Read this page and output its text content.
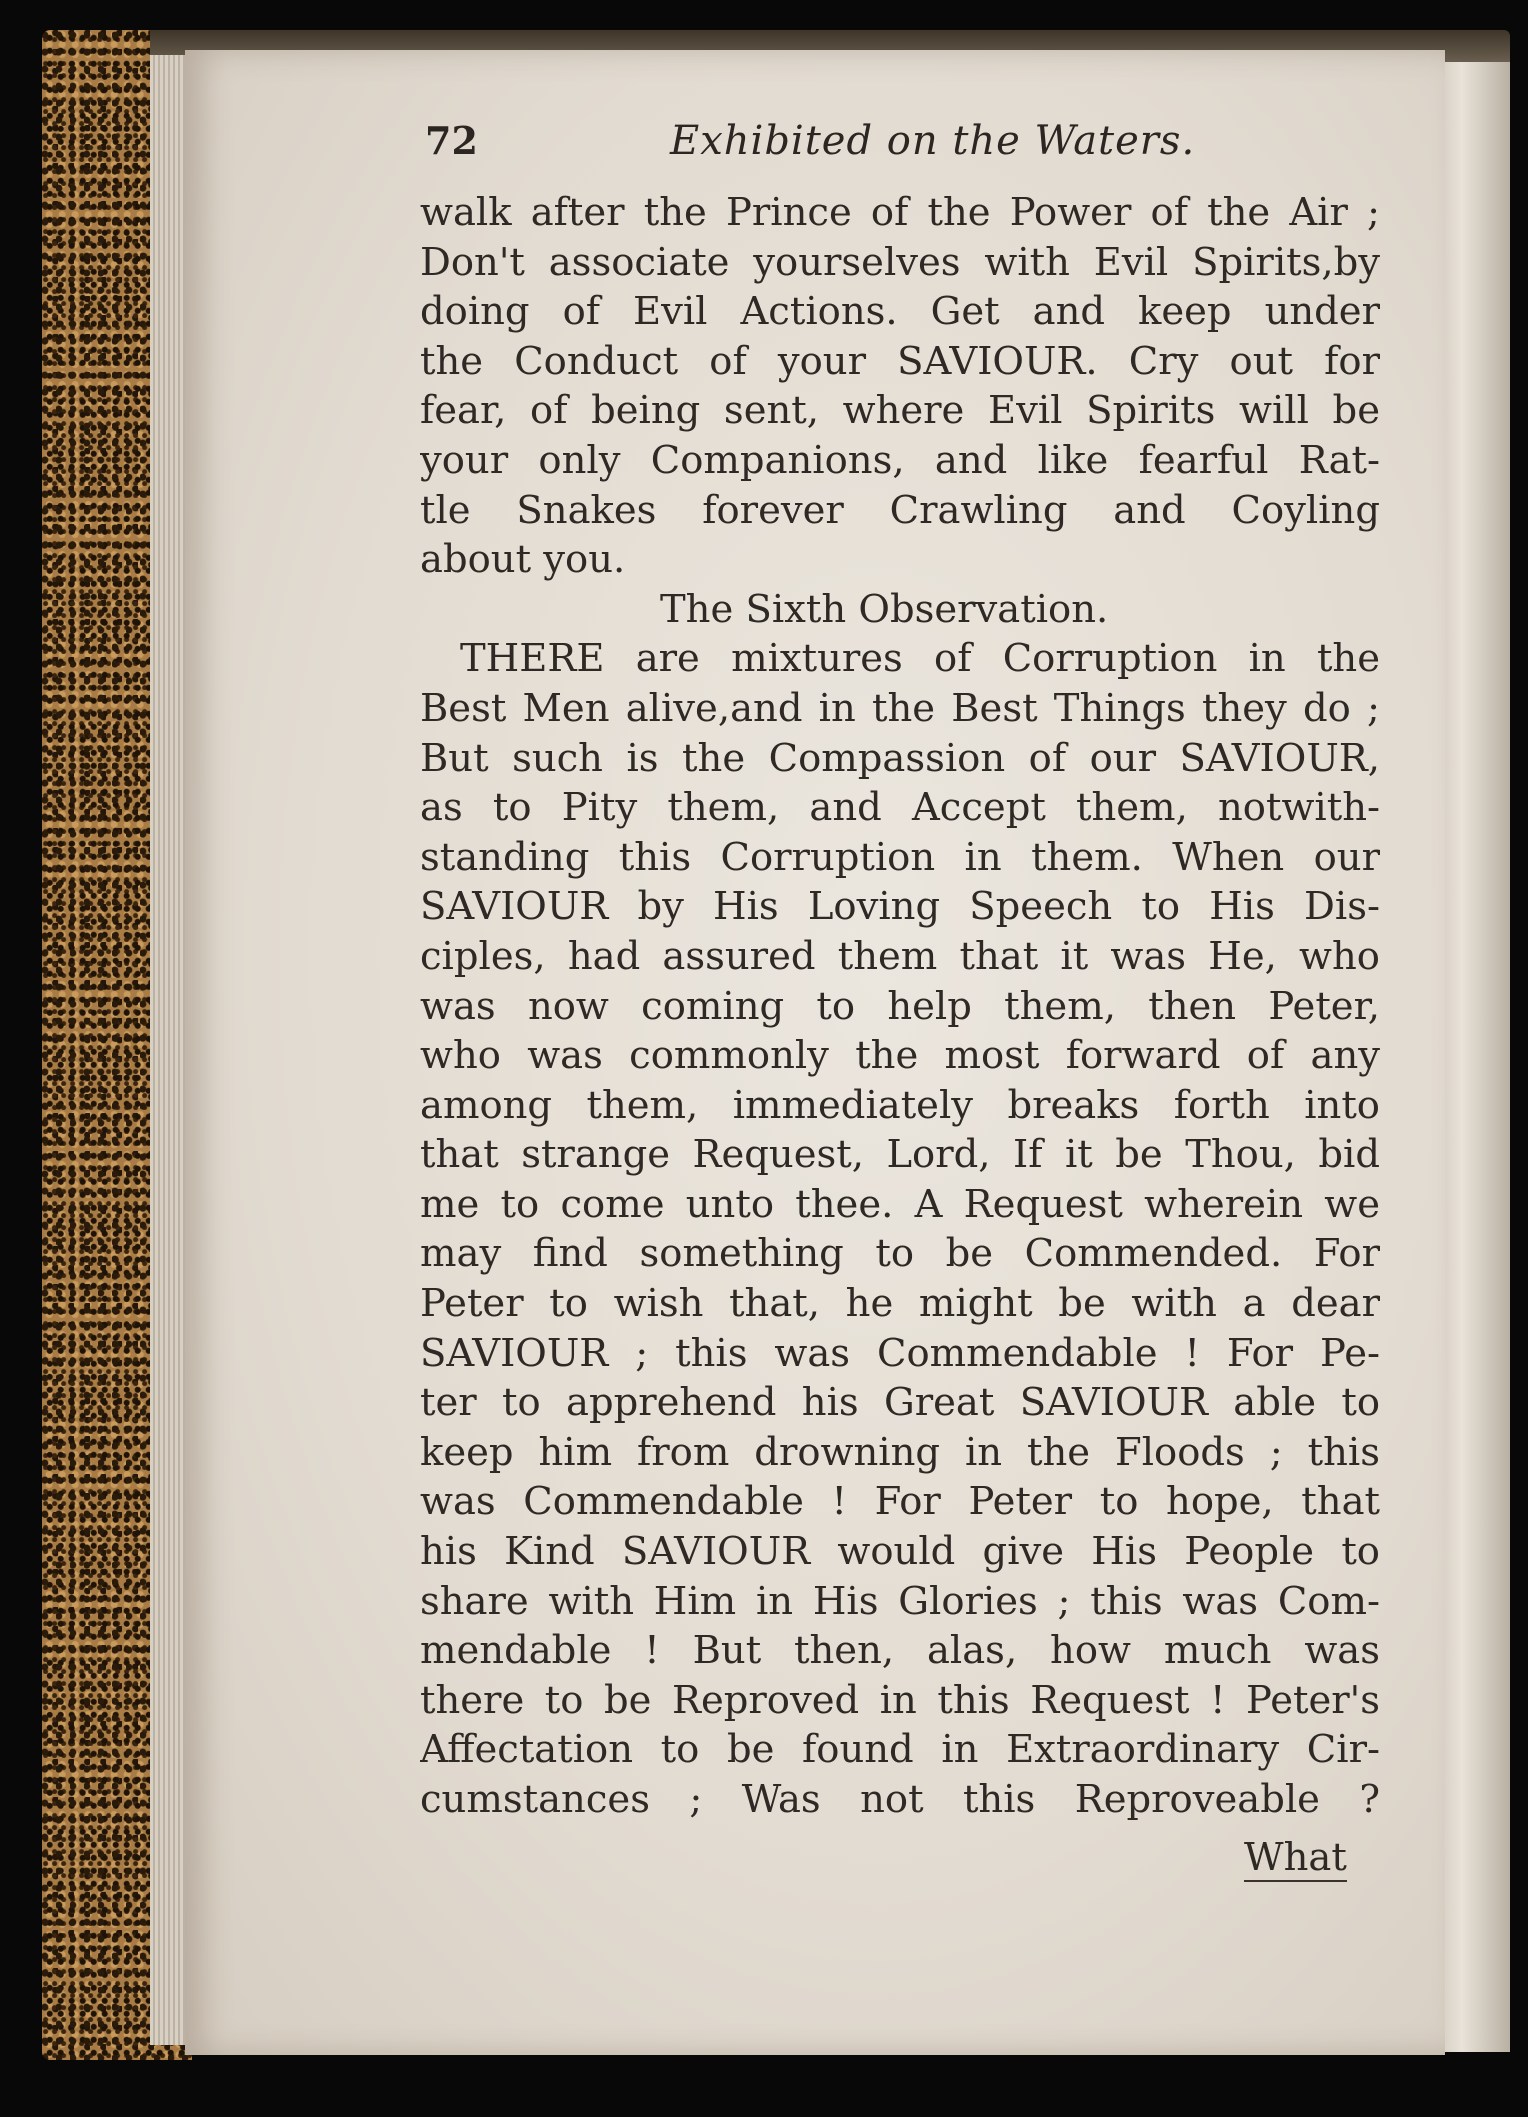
72	Exhibited on the Waters.
walk after the Prince of the Power of the Air ;
Don't associate yourselves with Evil Spirits,by
doing of Evil Actions. Get and keep under
the Conduct of your SAVIOUR. Cry out for
fear, of being sent, where Evil Spirits will be
your only Companions, and like fearful Rat-
tle Snakes forever Crawling and Coyling
about you.
The Sixth Observation.
THERE are mixtures of Corruption in the
Best Men alive,and in the Best Things they do ;
But such is the Compassion of our SAVIOUR,
as to Pity them, and Accept them, notwith-
standing this Corruption in them. When our
SAVIOUR by His Loving Speech to His Dis-
ciples, had assured them that it was He, who
was now coming to help them, then Peter,
who was commonly the most forward of any
among them, immediately breaks forth into
that strange Request, Lord, If it be Thou, bid
me to come unto thee. A Request wherein we
may find something to be Commended. For
Peter to wish that, he might be with a dear
SAVIOUR ; this was Commendable ! For Pe-
ter to apprehend his Great SAVIOUR able to
keep him from drowning in the Floods ; this
was Commendable ! For Peter to hope, that
his Kind SAVIOUR would give His People to
share with Him in His Glories ; this was Com-
mendable ! But then, alas, how much was
there to be Reproved in this Request ! Peter's
Affectation to be found in Extraordinary Cir-
cumstances ; Was not this Reproveable ?
What
